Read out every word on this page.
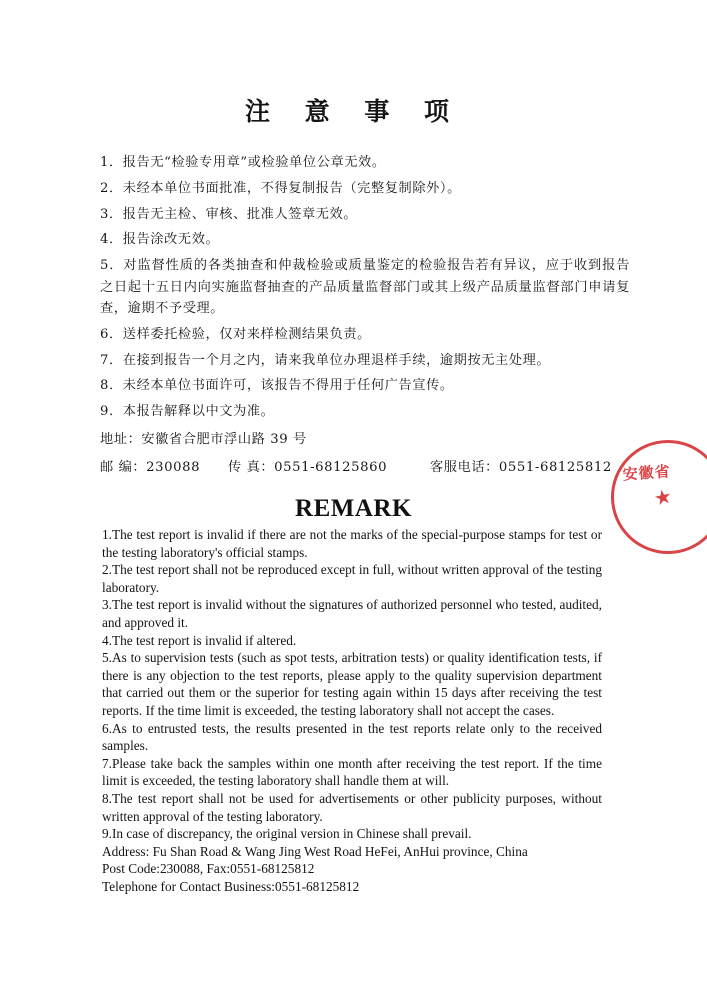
注 意 事 项

1．报告无“检验专用章”或检验单位公章无效。

2．未经本单位书面批准，不得复制报告（完整复制除外）。

3．报告无主检、审核、批准人签章无效。

4．报告涂改无效。

5．对监督性质的各类抽查和仲裁检验或质量鉴定的检验报告若有异议，应于收到报告之日起十五日内向实施监督抽查的产品质量监督部门或其上级产品质量监督部门申请复查，逾期不予受理。

6．送样委托检验，仅对来样检测结果负责。

7．在接到报告一个月之内，请来我单位办理退样手续，逾期按无主处理。

8．未经本单位书面许可，该报告不得用于任何广告宣传。

9．本报告解释以中文为准。

地址：安徽省合肥市浮山路 39 号

邮 编：230088 传 真：0551-68125860	客服电话：0551-68125812 安徽省
★
REMARK

1.The test report is invalid if there are not the marks of the special-purpose stamps for test or the testing laboratory's official stamps.

2.The test report shall not be reproduced except in full, without written approval of the testing laboratory.

3.The test report is invalid without the signatures of authorized personnel who tested, audited, and approved it.

4.The test report is invalid if altered.

5.As to supervision tests (such as spot tests, arbitration tests) or quality identification tests, if there is any objection to the test reports, please apply to the quality supervision department that carried out them or the superior for testing again within 15 days after receiving the test reports. If the time limit is exceeded, the testing laboratory shall not accept the cases.

6.As to entrusted tests, the results presented in the test reports relate only to the received samples.

7.Please take back the samples within one month after receiving the test report. If the time limit is exceeded, the testing laboratory shall handle them at will.

8.The test report shall not be used for advertisements or other publicity purposes, without written approval of the testing laboratory.

9.In case of discrepancy, the original version in Chinese shall prevail.

Address: Fu Shan Road & Wang Jing West Road HeFei, AnHui province, China

Post Code:230088, Fax:0551-68125812

Telephone for Contact Business:0551-68125812
